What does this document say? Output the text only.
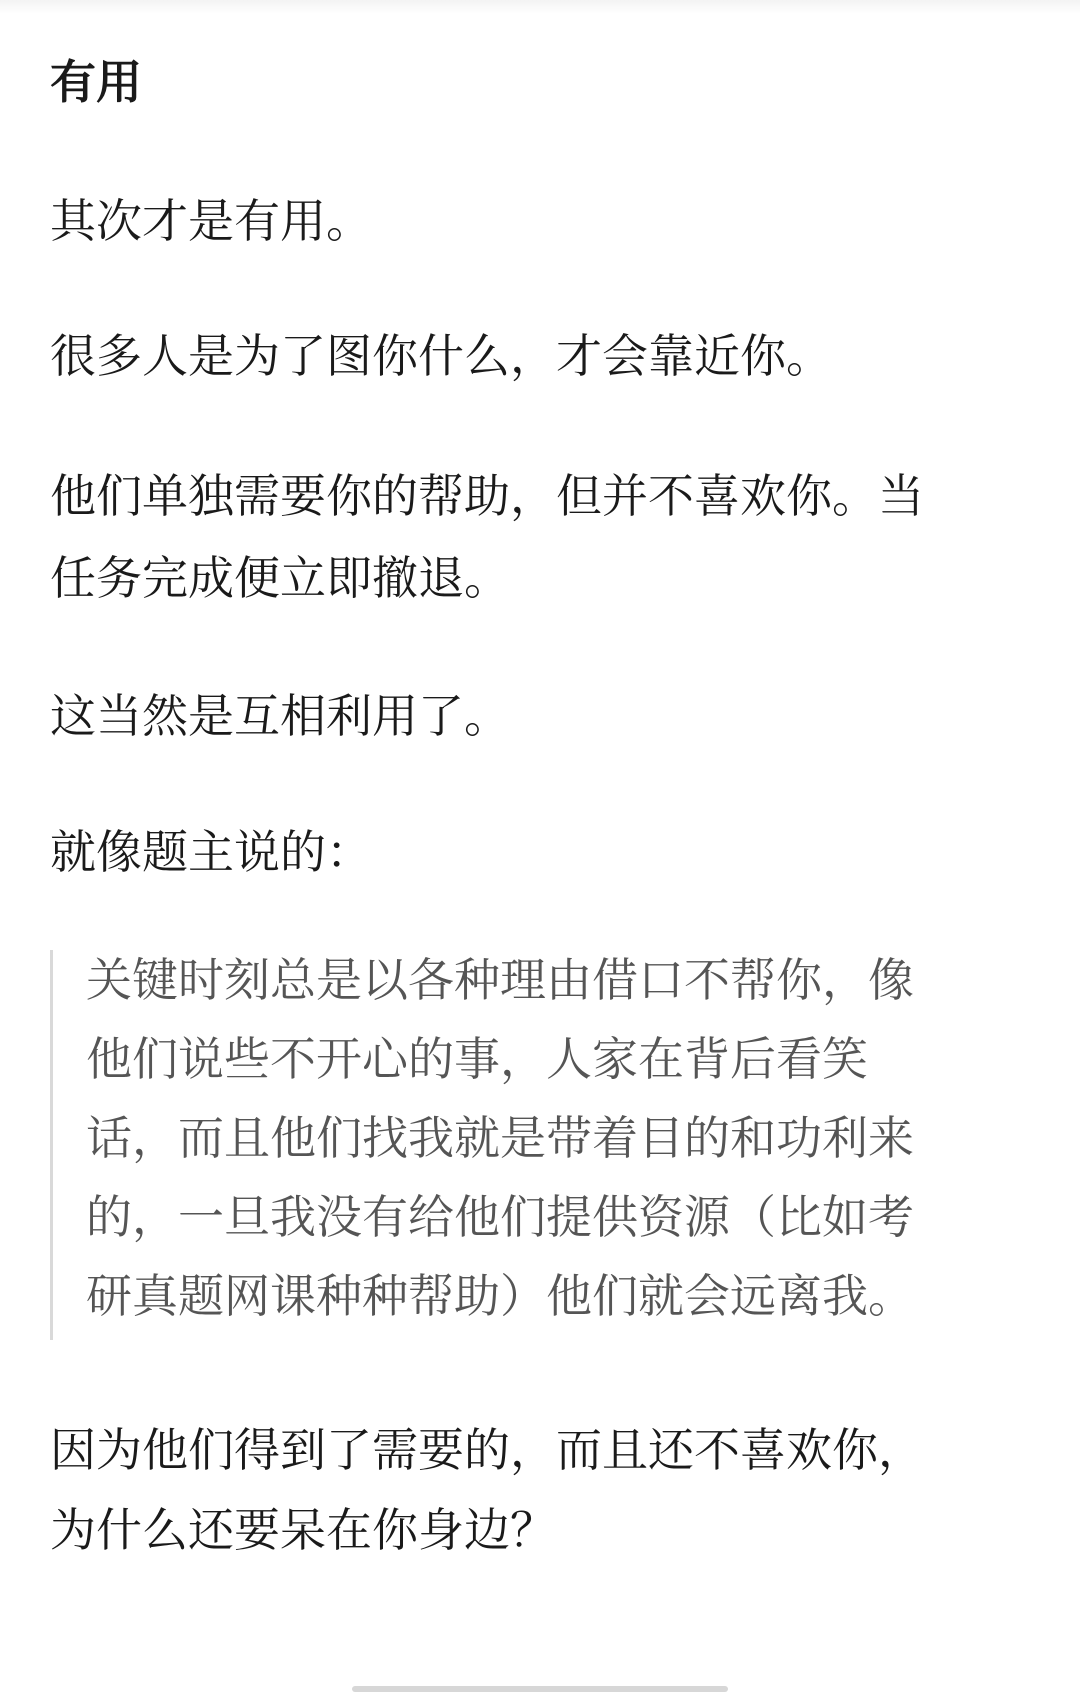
有用

其次才是有用。

很多人是为了图你什么，才会靠近你。

他们单独需要你的帮助，但并不喜欢你。当

任务完成便立即撤退。

这当然是互相利用了。

就像题主说的：

关键时刻总是以各种理由借口不帮你，像

他们说些不开心的事，人家在背后看笑

话，而且他们找我就是带着目的和功利来

的，一旦我没有给他们提供资源（比如考

研真题网课种种帮助）他们就会远离我。

因为他们得到了需要的，而且还不喜欢你，

为什么还要呆在你身边？
